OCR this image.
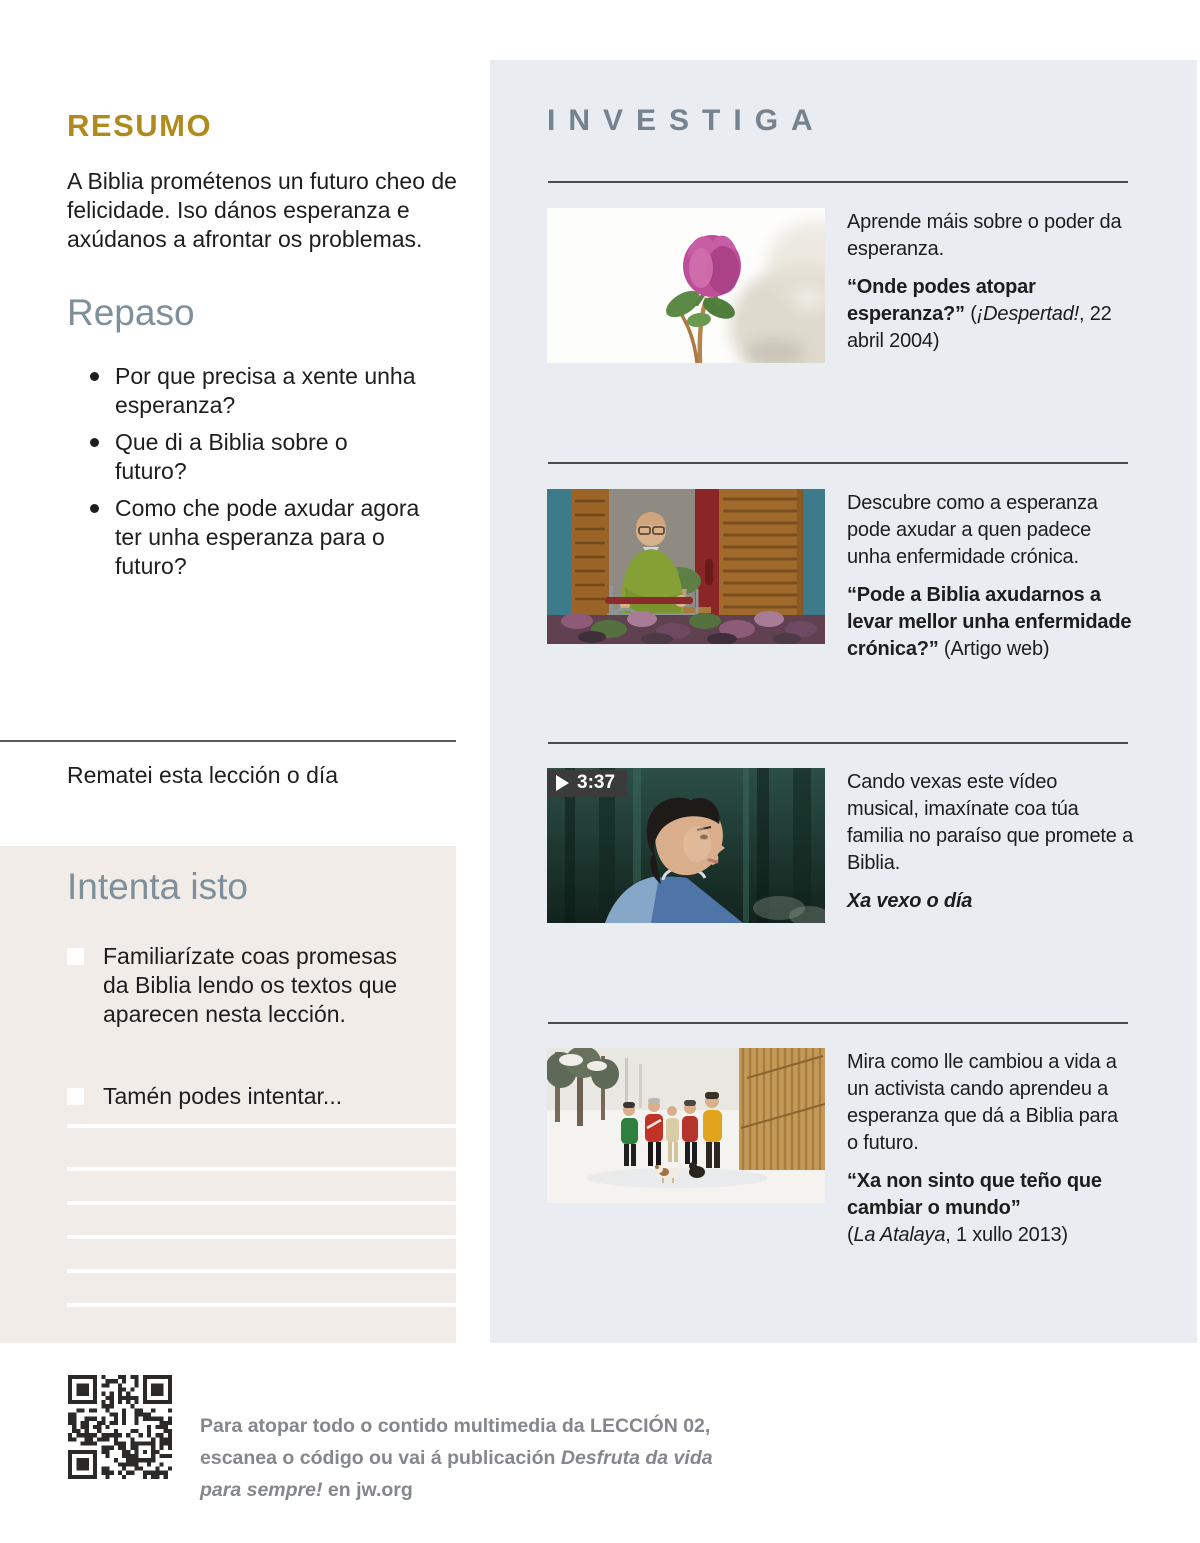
RESUMO
A Biblia prométenos un futuro cheo de felicidade. Iso dános esperanza e axúdanos a afrontar os problemas.
Repaso
Por que precisa a xente unha esperanza?
Que di a Biblia sobre o futuro?
Como che pode axudar agora ter unha esperanza para o futuro?
Rematei esta lección o día
Intenta isto
Familiarízate coas promesas da Biblia lendo os textos que aparecen nesta lección.
Tamén podes intentar...
INVESTIGA

Aprende máis sobre o poder da esperanza.

“Onde podes atopar esperanza?” (¡Despertad!, 22 abril 2004)

Descubre como a esperanza pode axudar a quen padece unha enfermidade crónica.

“Pode a Biblia axudarnos a levar mellor unha enfermidade crónica?” (Artigo web)

3:37	Cando vexas este vídeo musical, imaxínate coa túa familia no paraíso que promete a Biblia.

Xa vexo o día

Mira como lle cambiou a vida a un activista cando aprendeu a esperanza que dá a Biblia para o futuro.

“Xa non sinto que teño que cambiar o mundo”
(La Atalaya, 1 xullo 2013)

Para atopar todo o contido multimedia da LECCIÓN 02, escanea o código ou vai á publicación Desfruta da vida para sempre! en jw.org
